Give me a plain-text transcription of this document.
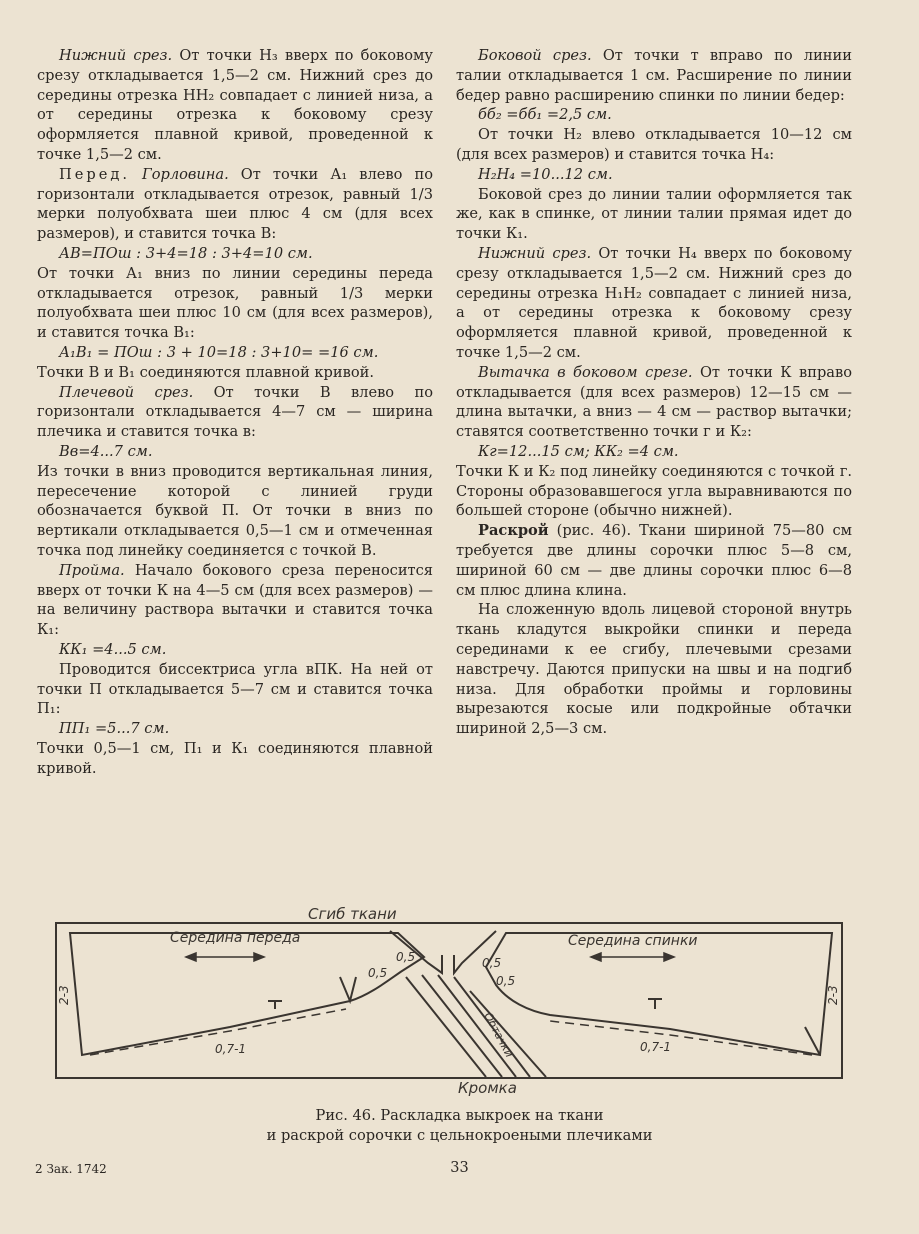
Нижний срез. От точки Н₃ вверх по боковому срезу откладывается 1,5—2 см. Нижний срез до середины отрезка НН₂ совпадает с линией низа, а от середины отрезка к боковому срезу оформляется плавной кривой, проведенной к точке 1,5—2 см.

Перед. Горловина. От точки А₁ влево по горизонтали откладывается отрезок, равный 1/3 мерки полуобхвата шеи плюс 4 см (для всех размеров), и ставится точка В:

АВ=ПОш : 3+4=18 : 3+4=10 см.

От точки А₁ вниз по линии середины переда откладывается отрезок, равный 1/3 мерки полуобхвата шеи плюс 10 см (для всех размеров), и ставится точка В₁:

А₁В₁ = ПОш : 3 + 10=18 : 3+10= =16 см.

Точки В и В₁ соединяются плавной кривой.

Плечевой срез. От точки В влево по горизонтали откладывается 4—7 см — ширина плечика и ставится точка в:

Вв=4...7 см.

Из точки в вниз проводится вертикальная линия, пересечение которой с линией груди обозначается буквой П. От точки в вниз по вертикали откладывается 0,5—1 см и отмеченная точка под линейку соединяется с точкой В.

Пройма. Начало бокового среза переносится вверх от точки К на 4—5 см (для всех размеров) — на величину раствора вытачки и ставится точка К₁:

КК₁ =4...5 см.

Проводится биссектриса угла вПК. На ней от точки П откладывается 5—7 см и ставится точка П₁:

ПП₁ =5...7 см.

Точки 0,5—1 см, П₁ и К₁ соединяются плавной кривой.

Боковой срез. От точки т вправо по линии талии откладывается 1 см. Расширение по линии бедер равно расширению спинки по линии бедер:

бб₂ =бб₁ =2,5 см.

От точки Н₂ влево откладывается 10—12 см (для всех размеров) и ставится точка Н₄:

Н₂Н₄ =10...12 см.

Боковой срез до линии талии оформляется так же, как в спинке, от линии талии прямая идет до точки К₁.

Нижний срез. От точки Н₄ вверх по боковому срезу откладывается 1,5—2 см. Нижний срез до середины отрезка Н₁Н₂ совпадает с линией низа, а от середины отрезка к боковому срезу оформляется плавной кривой, проведенной к точке 1,5—2 см.

Вытачка в боковом срезе. От точки К вправо откладывается (для всех размеров) 12—15 см — длина вытачки, а вниз — 4 см — раствор вытачки; ставятся соответственно точки г и К₂:

Кг=12...15 см; КК₂ =4 см.

Точки К и К₂ под линейку соединяются с точкой г. Стороны образовавшегося угла выравниваются по большей стороне (обычно нижней).

Раскрой (рис. 46). Ткани шириной 75—80 см требуется две длины сорочки плюс 5—8 см, шириной 60 см — две длины сорочки плюс 6—8 см плюс длина клина.

На сложенную вдоль лицевой стороной внутрь ткань кладутся выкройки спинки и переда серединами к ее сгибу, плечевыми срезами навстречу. Даются припуски на швы и на подгиб низа. Для обработки проймы и горловины вырезаются косые или подкройные обтачки шириной 2,5—3 см.

Сгиб ткани
Середина переда	Середина спинки
Кромка
2-3	2-3
0,7-1	0,7-1
0,5
0,5
0,5
0,5
Обтачки
Рис. 46. Раскладка выкроек на ткани
и раскрой сорочки с цельнокроеными плечиками
2 Зак. 1742	33
